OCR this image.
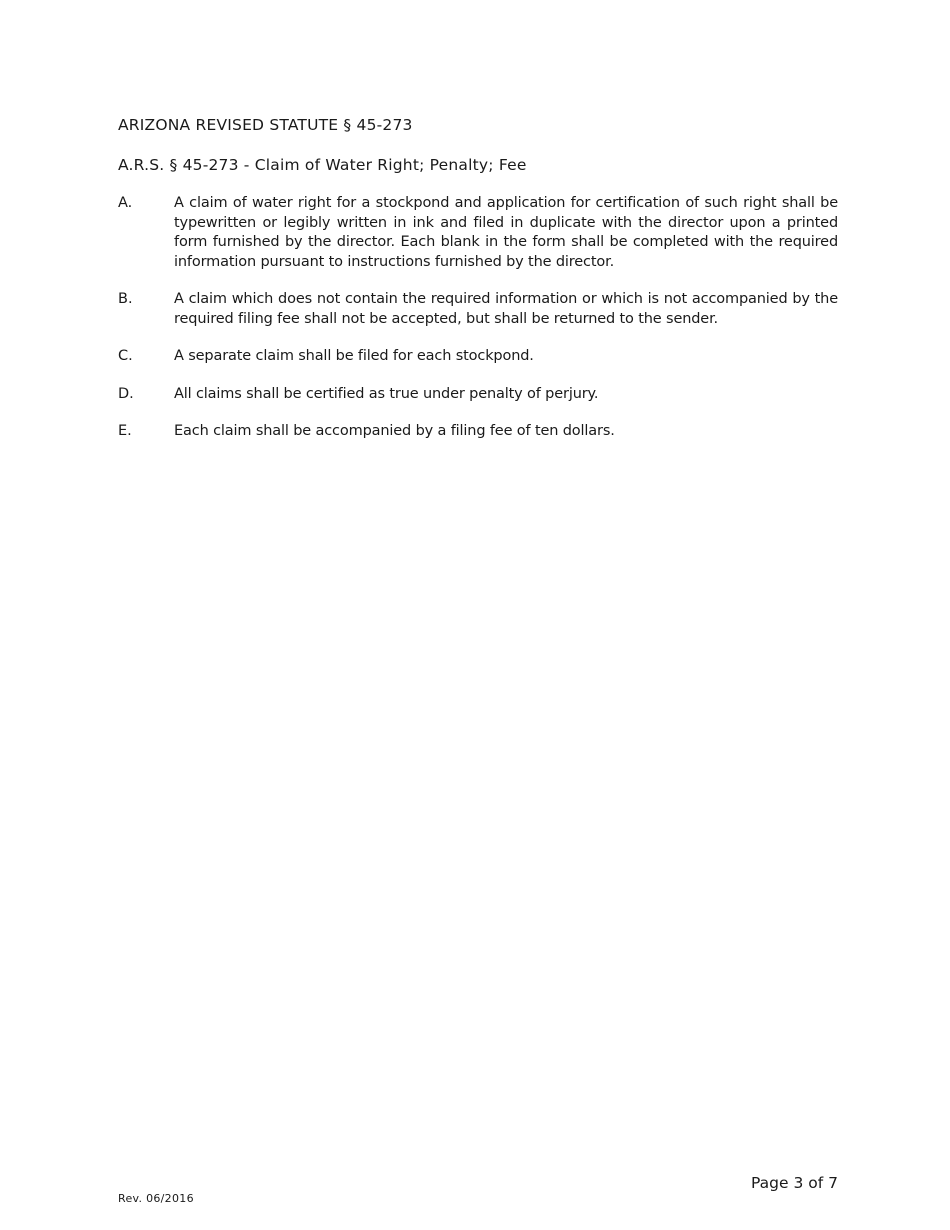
ARIZONA REVISED STATUTE § 45-273
A.R.S. § 45-273 - Claim of Water Right; Penalty; Fee
A.	A claim of water right for a stockpond and application for certification of such right shall be typewritten or legibly written in ink and filed in duplicate with the director upon a printed form furnished by the director. Each blank in the form shall be completed with the required information pursuant to instructions furnished by the director.
B.	A claim which does not contain the required information or which is not accompanied by the required filing fee shall not be accepted, but shall be returned to the sender.
C.	A separate claim shall be filed for each stockpond.
D.	All claims shall be certified as true under penalty of perjury.
E.	Each claim shall be accompanied by a filing fee of ten dollars.
Page 3 of 7
Rev. 06/2016
